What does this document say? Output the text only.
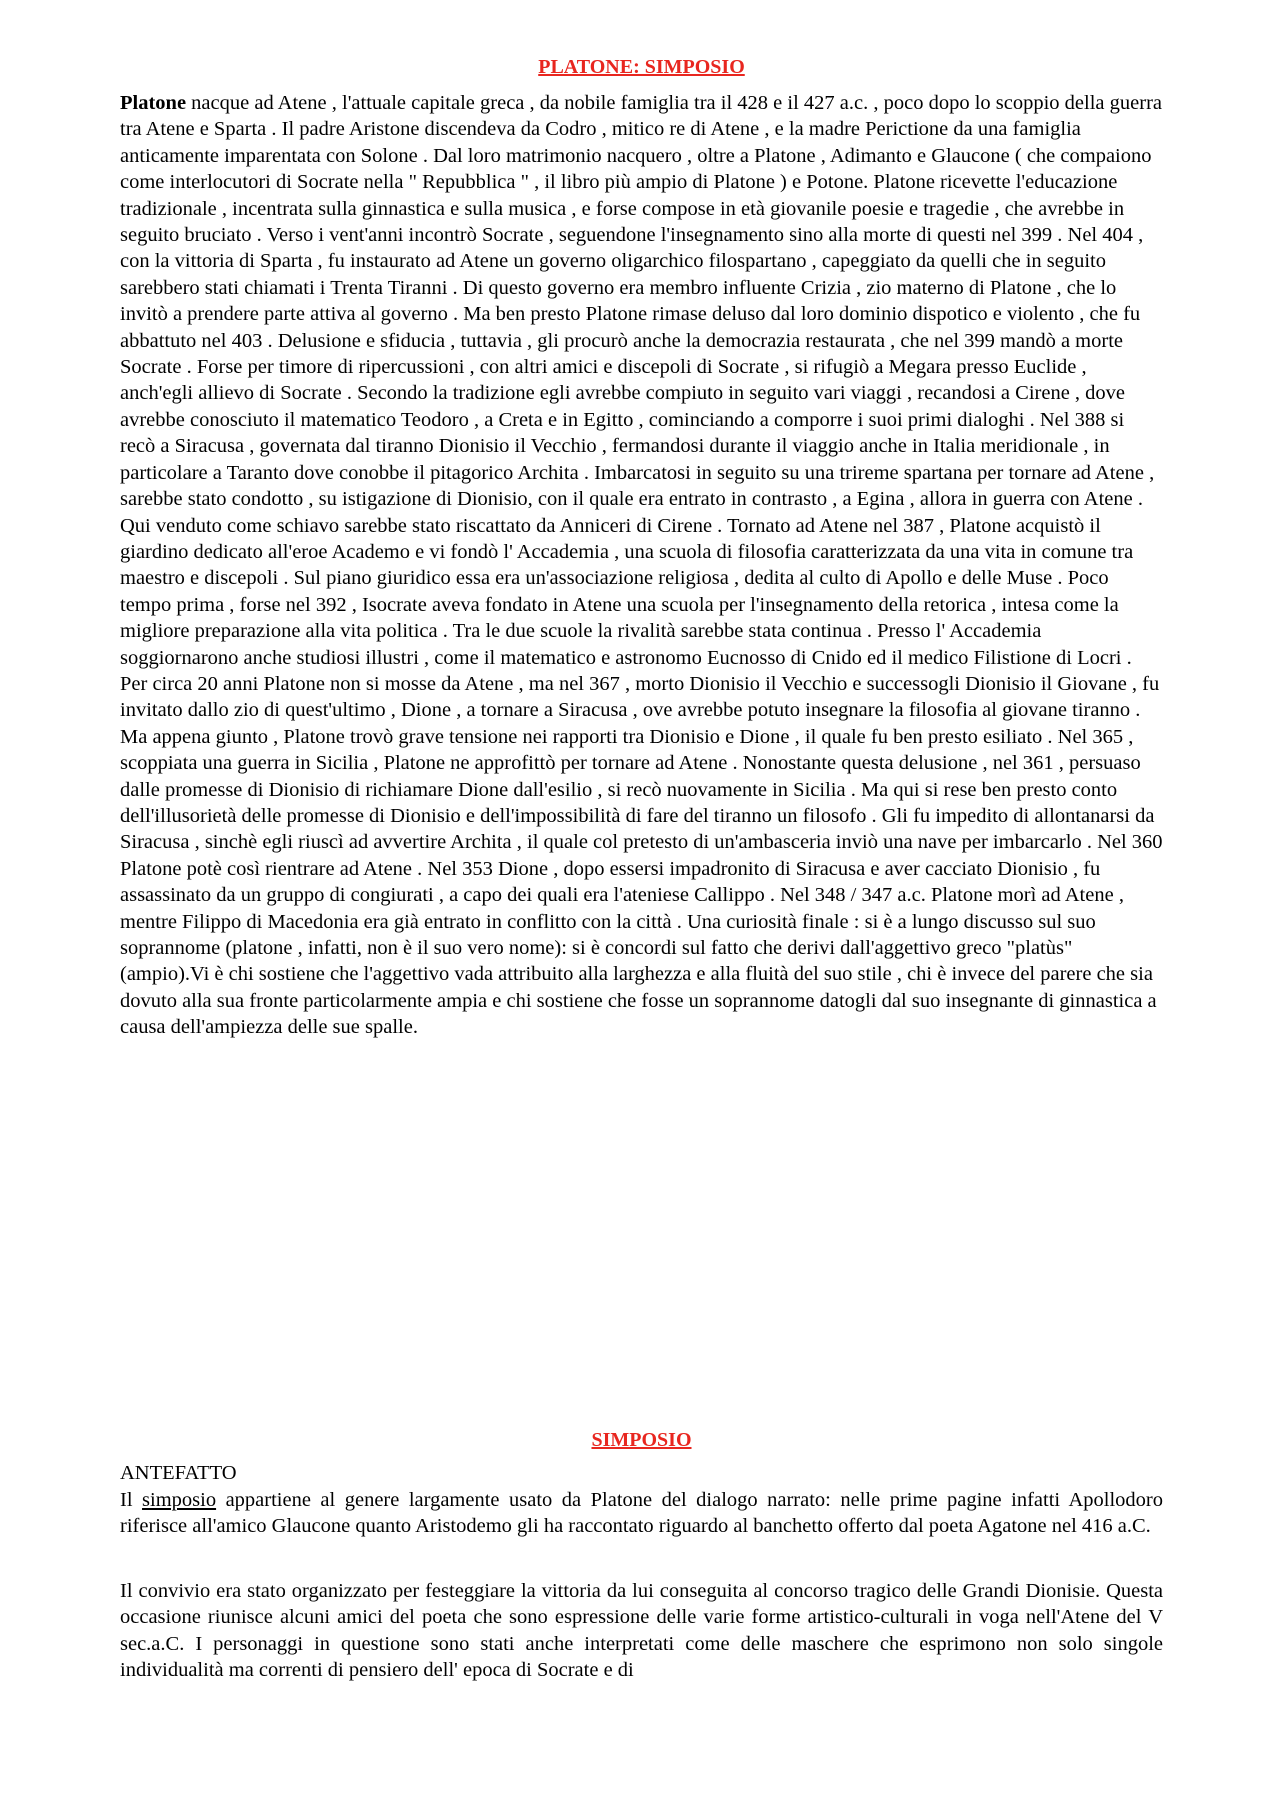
PLATONE: SIMPOSIO

Platone nacque ad Atene , l'attuale capitale greca , da nobile famiglia tra il 428 e il 427 a.c. , poco dopo lo scoppio della guerra tra Atene e Sparta . Il padre Aristone discendeva da Codro , mitico re di Atene , e la madre Perictione da una famiglia anticamente imparentata con Solone . Dal loro matrimonio nacquero , oltre a Platone , Adimanto e Glaucone ( che compaiono come interlocutori di Socrate nella " Repubblica " , il libro più ampio di Platone ) e Potone. Platone ricevette l'educazione tradizionale , incentrata sulla ginnastica e sulla musica , e forse compose in età giovanile poesie e tragedie , che avrebbe in seguito bruciato . Verso i vent'anni incontrò Socrate , seguendone l'insegnamento sino alla morte di questi nel 399 . Nel 404 , con la vittoria di Sparta , fu instaurato ad Atene un governo oligarchico filospartano , capeggiato da quelli che in seguito sarebbero stati chiamati i Trenta Tiranni . Di questo governo era membro influente Crizia , zio materno di Platone , che lo invitò a prendere parte attiva al governo . Ma ben presto Platone rimase deluso dal loro dominio dispotico e violento , che fu abbattuto nel 403 . Delusione e sfiducia , tuttavia , gli procurò anche la democrazia restaurata , che nel 399 mandò a morte Socrate . Forse per timore di ripercussioni , con altri amici e discepoli di Socrate , si rifugiò a Megara presso Euclide , anch'egli allievo di Socrate . Secondo la tradizione egli avrebbe compiuto in seguito vari viaggi , recandosi a Cirene , dove avrebbe conosciuto il matematico Teodoro , a Creta e in Egitto , cominciando a comporre i suoi primi dialoghi . Nel 388 si recò a Siracusa , governata dal tiranno Dionisio il Vecchio , fermandosi durante il viaggio anche in Italia meridionale , in particolare a Taranto dove conobbe il pitagorico Archita . Imbarcatosi in seguito su una trireme spartana per tornare ad Atene , sarebbe stato condotto , su istigazione di Dionisio, con il quale era entrato in contrasto , a Egina , allora in guerra con Atene . Qui venduto come schiavo sarebbe stato riscattato da Anniceri di Cirene . Tornato ad Atene nel 387 , Platone acquistò il giardino dedicato all'eroe Academo e vi fondò l' Accademia , una scuola di filosofia caratterizzata da una vita in comune tra maestro e discepoli . Sul piano giuridico essa era un'associazione religiosa , dedita al culto di Apollo e delle Muse . Poco tempo prima , forse nel 392 , Isocrate aveva fondato in Atene una scuola per l'insegnamento della retorica , intesa come la migliore preparazione alla vita politica . Tra le due scuole la rivalità sarebbe stata continua . Presso l' Accademia soggiornarono anche studiosi illustri , come il matematico e astronomo Eucnosso di Cnido ed il medico Filistione di Locri . Per circa 20 anni Platone non si mosse da Atene , ma nel 367 , morto Dionisio il Vecchio e successogli Dionisio il Giovane , fu invitato dallo zio di quest'ultimo , Dione , a tornare a Siracusa , ove avrebbe potuto insegnare la filosofia al giovane tiranno . Ma appena giunto , Platone trovò grave tensione nei rapporti tra Dionisio e Dione , il quale fu ben presto esiliato . Nel 365 , scoppiata una guerra in Sicilia , Platone ne approfittò per tornare ad Atene . Nonostante questa delusione , nel 361 , persuaso dalle promesse di Dionisio di richiamare Dione dall'esilio , si recò nuovamente in Sicilia . Ma qui si rese ben presto conto dell'illusorietà delle promesse di Dionisio e dell'impossibilità di fare del tiranno un filosofo . Gli fu impedito di allontanarsi da Siracusa , sinchè egli riuscì ad avvertire Archita , il quale col pretesto di un'ambasceria inviò una nave per imbarcarlo . Nel 360 Platone potè così rientrare ad Atene . Nel 353 Dione , dopo essersi impadronito di Siracusa e aver cacciato Dionisio , fu assassinato da un gruppo di congiurati , a capo dei quali era l'ateniese Callippo . Nel 348 / 347 a.c. Platone morì ad Atene , mentre Filippo di Macedonia era già entrato in conflitto con la città . Una curiosità finale : si è a lungo discusso sul suo soprannome (platone , infatti, non è il suo vero nome): si è concordi sul fatto che derivi dall'aggettivo greco "platùs" (ampio).Vi è chi sostiene che l'aggettivo vada attribuito alla larghezza e alla fluità del suo stile , chi è invece del parere che sia dovuto alla sua fronte particolarmente ampia e chi sostiene che fosse un soprannome datogli dal suo insegnante di ginnastica a causa dell'ampiezza delle sue spalle.

SIMPOSIO
ANTEFATTO

Il simposio appartiene al genere largamente usato da Platone del dialogo narrato: nelle prime pagine infatti Apollodoro riferisce all'amico Glaucone quanto Aristodemo gli ha raccontato riguardo al banchetto offerto dal poeta Agatone nel 416 a.C.

Il convivio era stato organizzato per festeggiare la vittoria da lui conseguita al concorso tragico delle Grandi Dionisie. Questa occasione riunisce alcuni amici del poeta che sono espressione delle varie forme artistico-culturali in voga nell'Atene del V sec.a.C. I personaggi in questione sono stati anche interpretati come delle maschere che esprimono non solo singole individualità ma correnti di pensiero dell' epoca di Socrate e di
